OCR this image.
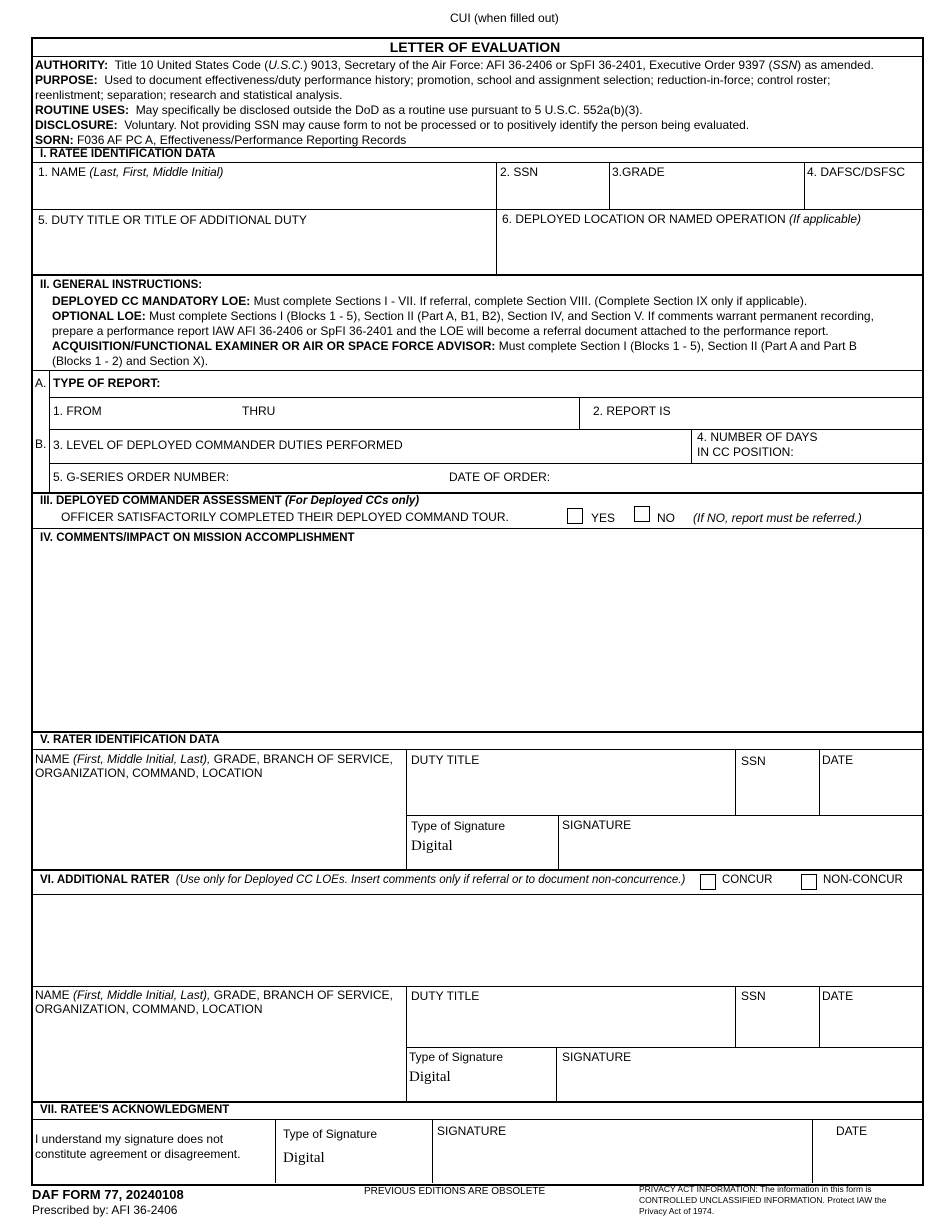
CUI (when filled out)
LETTER OF EVALUATION
AUTHORITY: Title 10 United States Code (U.S.C.) 9013, Secretary of the Air Force: AFI 36-2406 or SpFI 36-2401, Executive Order 9397 (SSN) as amended.
PURPOSE: Used to document effectiveness/duty performance history; promotion, school and assignment selection; reduction-in-force; control roster;
reenlistment; separation; research and statistical analysis.
ROUTINE USES: May specifically be disclosed outside the DoD as a routine use pursuant to 5 U.S.C. 552a(b)(3).
DISCLOSURE: Voluntary. Not providing SSN may cause form to not be processed or to positively identify the person being evaluated.
SORN: F036 AF PC A, Effectiveness/Performance Reporting Records
I. RATEE IDENTIFICATION DATA
1. NAME (Last, First, Middle Initial)	2. SSN	3.GRADE	4. DAFSC/DSFSC
5. DUTY TITLE OR TITLE OF ADDITIONAL DUTY	6. DEPLOYED LOCATION OR NAMED OPERATION (If applicable)
II. GENERAL INSTRUCTIONS:
DEPLOYED CC MANDATORY LOE: Must complete Sections I - VII. If referral, complete Section VIII. (Complete Section IX only if applicable).
OPTIONAL LOE: Must complete Sections I (Blocks 1 - 5), Section II (Part A, B1, B2), Section IV, and Section V. If comments warrant permanent recording,
prepare a performance report IAW AFI 36-2406 or SpFI 36-2401 and the LOE will become a referral document attached to the performance report.
ACQUISITION/FUNCTIONAL EXAMINER OR AIR OR SPACE FORCE ADVISOR: Must complete Section I (Blocks 1 - 5), Section II (Part A and Part B
(Blocks 1 - 2) and Section X).
A. TYPE OF REPORT:
B.
1. FROM	THRU	2. REPORT IS
3. LEVEL OF DEPLOYED COMMANDER DUTIES PERFORMED
4. NUMBER OF DAYS
IN CC POSITION:
5. G-SERIES ORDER NUMBER:	DATE OF ORDER:
III. DEPLOYED COMMANDER ASSESSMENT (For Deployed CCs only)
OFFICER SATISFACTORILY COMPLETED THEIR DEPLOYED COMMAND TOUR.	YES	NO (If NO, report must be referred.)
IV. COMMENTS/IMPACT ON MISSION ACCOMPLISHMENT
V. RATER IDENTIFICATION DATA
NAME (First, Middle Initial, Last), GRADE, BRANCH OF SERVICE,
ORGANIZATION, COMMAND, LOCATION
DUTY TITLE	SSN	DATE
Type of Signature
Digital
SIGNATURE
VI. ADDITIONAL RATER (Use only for Deployed CC LOEs. Insert comments only if referral or to document non-concurrence.)	CONCUR	NON-CONCUR
NAME (First, Middle Initial, Last), GRADE, BRANCH OF SERVICE,
ORGANIZATION, COMMAND, LOCATION
DUTY TITLE	SSN	DATE
Type of Signature
Digital
SIGNATURE
VII. RATEE'S ACKNOWLEDGMENT
I understand my signature does not
constitute agreement or disagreement.
Type of Signature
Digital
SIGNATURE	DATE
DAF FORM 77, 20240108
Prescribed by: AFI 36-2406
PREVIOUS EDITIONS ARE OBSOLETE	PRIVACY ACT INFORMATION: The information in this form is
CONTROLLED UNCLASSIFIED INFORMATION. Protect IAW the
Privacy Act of 1974.
